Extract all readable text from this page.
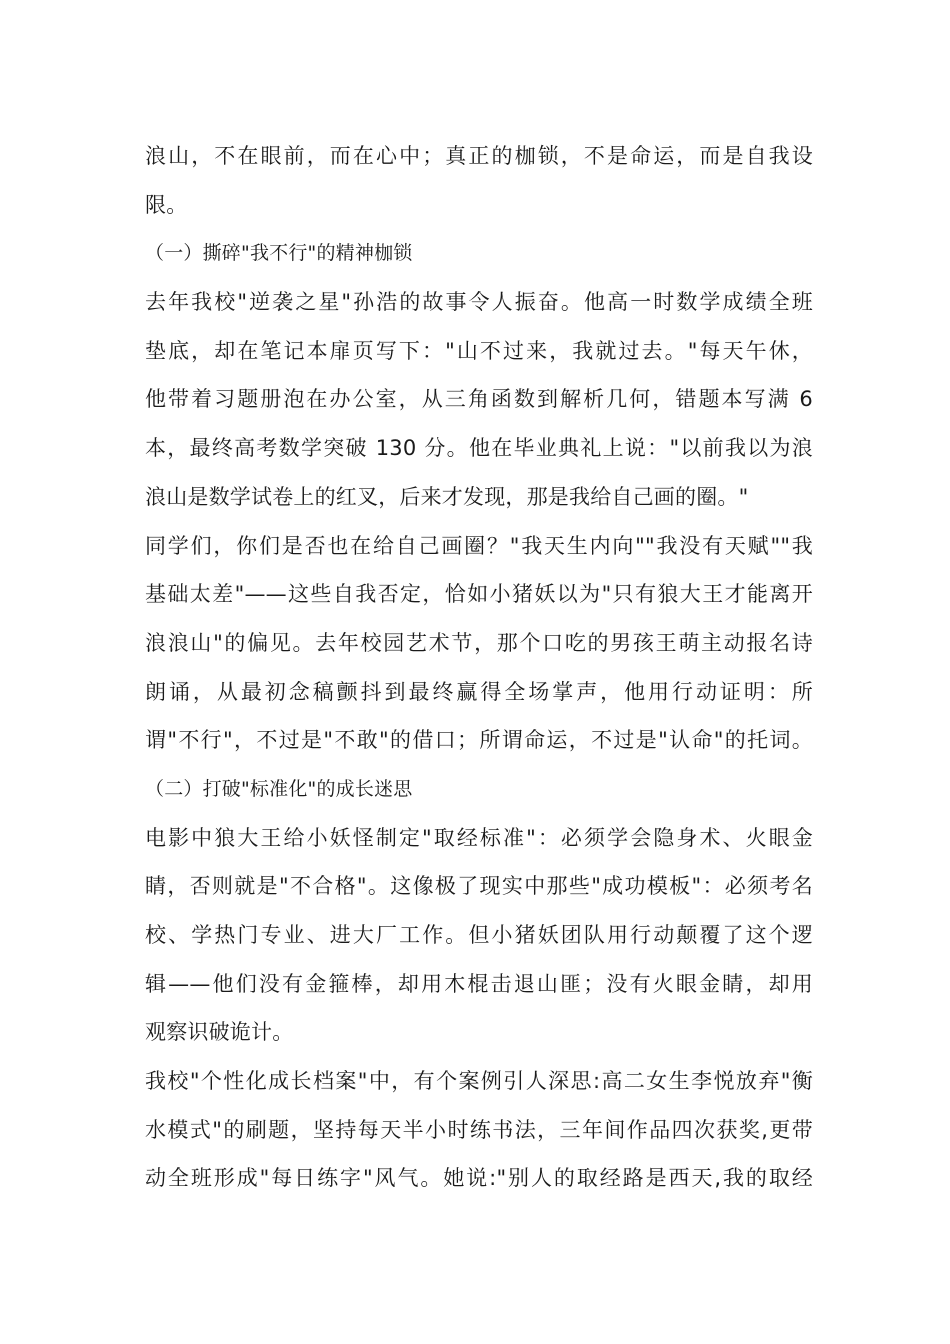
浪山，不在眼前，而在心中；真正的枷锁，不是命运，而是自我设
限。
（一）撕碎"我不行"的精神枷锁
去年我校"逆袭之星"孙浩的故事令人振奋。他高一时数学成绩全班
垫底，却在笔记本扉页写下："山不过来，我就过去。"每天午休，
他带着习题册泡在办公室，从三角函数到解析几何，错题本写满 6
本，最终高考数学突破 130 分。他在毕业典礼上说："以前我以为浪
浪山是数学试卷上的红叉，后来才发现，那是我给自己画的圈。"
同学们，你们是否也在给自己画圈？"我天生内向""我没有天赋""我
基础太差"——这些自我否定，恰如小猪妖以为"只有狼大王才能离开
浪浪山"的偏见。去年校园艺术节，那个口吃的男孩王萌主动报名诗
朗诵，从最初念稿颤抖到最终赢得全场掌声，他用行动证明：所
谓"不行"，不过是"不敢"的借口；所谓命运，不过是"认命"的托词。
（二）打破"标准化"的成长迷思
电影中狼大王给小妖怪制定"取经标准"：必须学会隐身术、火眼金
睛，否则就是"不合格"。这像极了现实中那些"成功模板"：必须考名
校、学热门专业、进大厂工作。但小猪妖团队用行动颠覆了这个逻
辑——他们没有金箍棒，却用木棍击退山匪；没有火眼金睛，却用
观察识破诡计。
我校"个性化成长档案"中，有个案例引人深思:高二女生李悦放弃"衡
水模式"的刷题，坚持每天半小时练书法，三年间作品四次获奖,更带
动全班形成"每日练字"风气。她说:"别人的取经路是西天,我的取经
